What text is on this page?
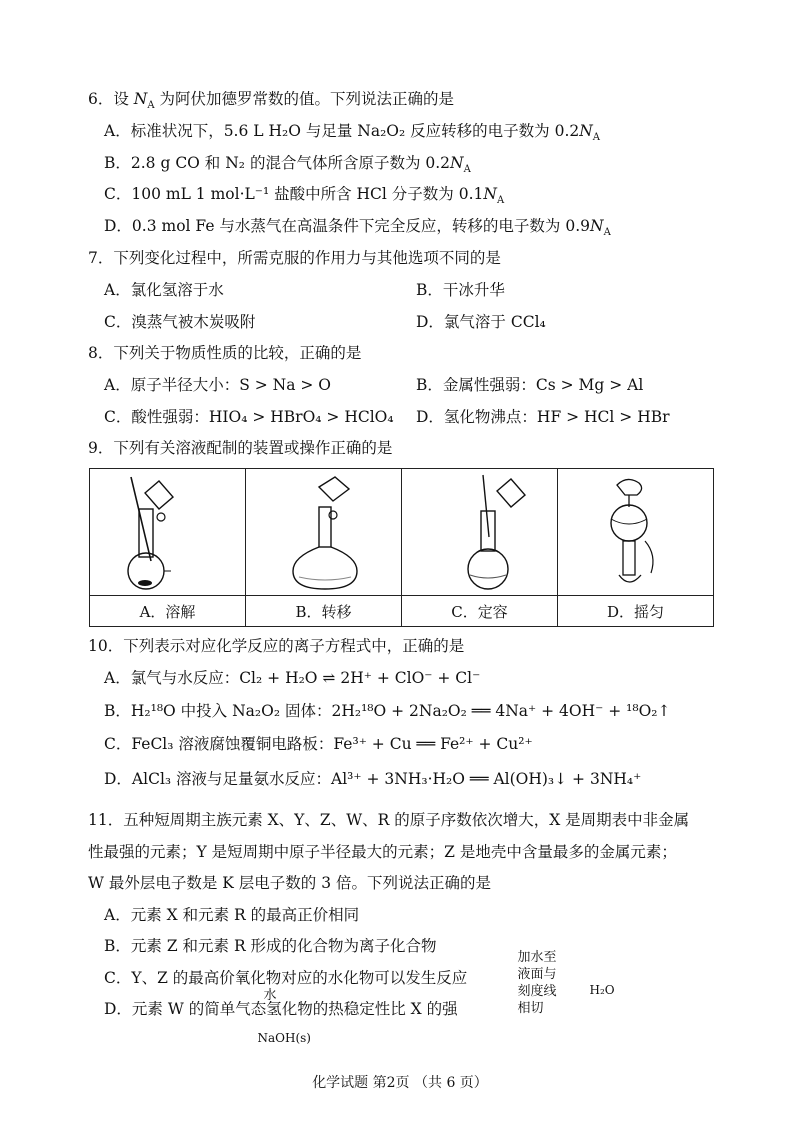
6．设 $N_A$ 为阿伏加德罗常数的值。下列说法正确的是
A．标准状况下，5.6 L H₂O 与足量 Na₂O₂ 反应转移的电子数为 $0.2N_A$
B．2.8 g CO 和 N₂ 的混合气体所含原子数为 $0.2N_A$
C．100 mL 1 mol·L⁻¹ 盐酸中所含 HCl 分子数为 $0.1N_A$
D．0.3 mol Fe 与水蒸气在高温条件下完全反应，转移的电子数为 $0.9N_A$
7．下列变化过程中，所需克服的作用力与其他选项不同的是
A．氯化氢溶于水	B．干冰升华
C．溴蒸气被木炭吸附	D．氯气溶于 CCl₄
8．下列关于物质性质的比较，正确的是
A．原子半径大小：S > Na > O	B．金属性强弱：Cs > Mg > Al
C．酸性强弱：HIO₄ > HBrO₄ > HClO₄ D．氢化物沸点：HF > HCl > HBr
9．下列有关溶液配制的装置或操作正确的是
水
NaOH(s)		加水至
液面与
刻度线
相切
H₂O

A．溶解	B．转移	C．定容	D．摇匀
10．下列表示对应化学反应的离子方程式中，正确的是
A．氯气与水反应：Cl₂ + H₂O ⇌ 2H⁺ + ClO⁻ + Cl⁻
B．H₂¹⁸O 中投入 Na₂O₂ 固体：2H₂¹⁸O + 2Na₂O₂ ══ 4Na⁺ + 4OH⁻ + ¹⁸O₂↑
C．FeCl₃ 溶液腐蚀覆铜电路板：Fe³⁺ + Cu ══ Fe²⁺ + Cu²⁺
D．AlCl₃ 溶液与足量氨水反应：Al³⁺ + 3NH₃·H₂O ══ Al(OH)₃↓ + 3NH₄⁺
11．五种短周期主族元素 X、Y、Z、W、R 的原子序数依次增大，X 是周期表中非金属
性最强的元素；Y 是短周期中原子半径最大的元素；Z 是地壳中含量最多的金属元素；
W 最外层电子数是 K 层电子数的 3 倍。下列说法正确的是
A．元素 X 和元素 R 的最高正价相同
B．元素 Z 和元素 R 形成的化合物为离子化合物
C．Y、Z 的最高价氧化物对应的水化物可以发生反应
D．元素 W 的简单气态氢化物的热稳定性比 X 的强
化学试题 第2页 （共 6 页）
